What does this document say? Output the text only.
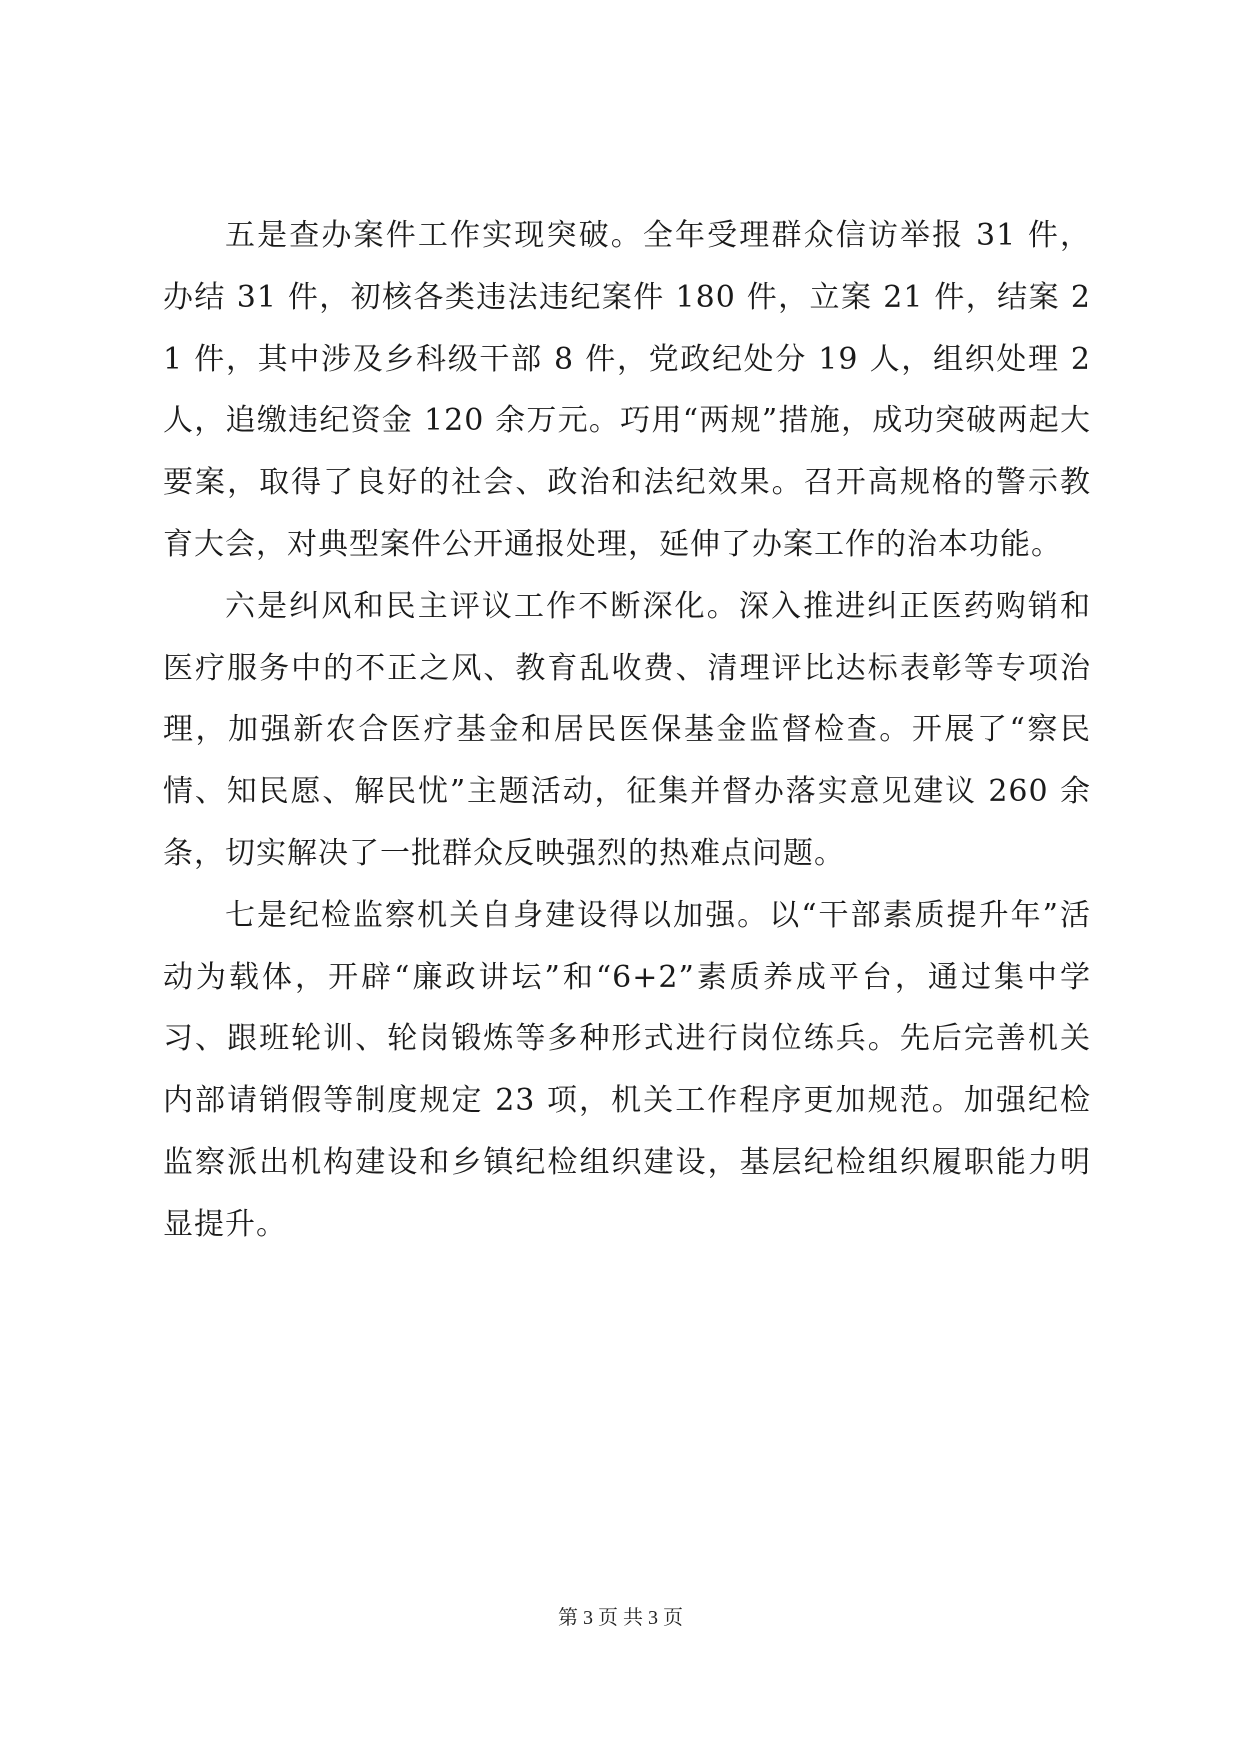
五是查办案件工作实现突破。全年受理群众信访举报 31 件，办结 31 件，初核各类违法违纪案件 180 件，立案 21 件，结案 21 件，其中涉及乡科级干部 8 件，党政纪处分 19 人，组织处理 2 人，追缴违纪资金 120 余万元。巧用“两规”措施，成功突破两起大要案，取得了良好的社会、政治和法纪效果。召开高规格的警示教育大会，对典型案件公开通报处理，延伸了办案工作的治本功能。

六是纠风和民主评议工作不断深化。深入推进纠正医药购销和医疗服务中的不正之风、教育乱收费、清理评比达标表彰等专项治理，加强新农合医疗基金和居民医保基金监督检查。开展了“察民情、知民愿、解民忧”主题活动，征集并督办落实意见建议 260 余条，切实解决了一批群众反映强烈的热难点问题。

七是纪检监察机关自身建设得以加强。以“干部素质提升年”活动为载体，开辟“廉政讲坛”和“6+2”素质养成平台，通过集中学习、跟班轮训、轮岗锻炼等多种形式进行岗位练兵。先后完善机关内部请销假等制度规定 23 项，机关工作程序更加规范。加强纪检监察派出机构建设和乡镇纪检组织建设，基层纪检组织履职能力明显提升。

第 3 页 共 3 页
